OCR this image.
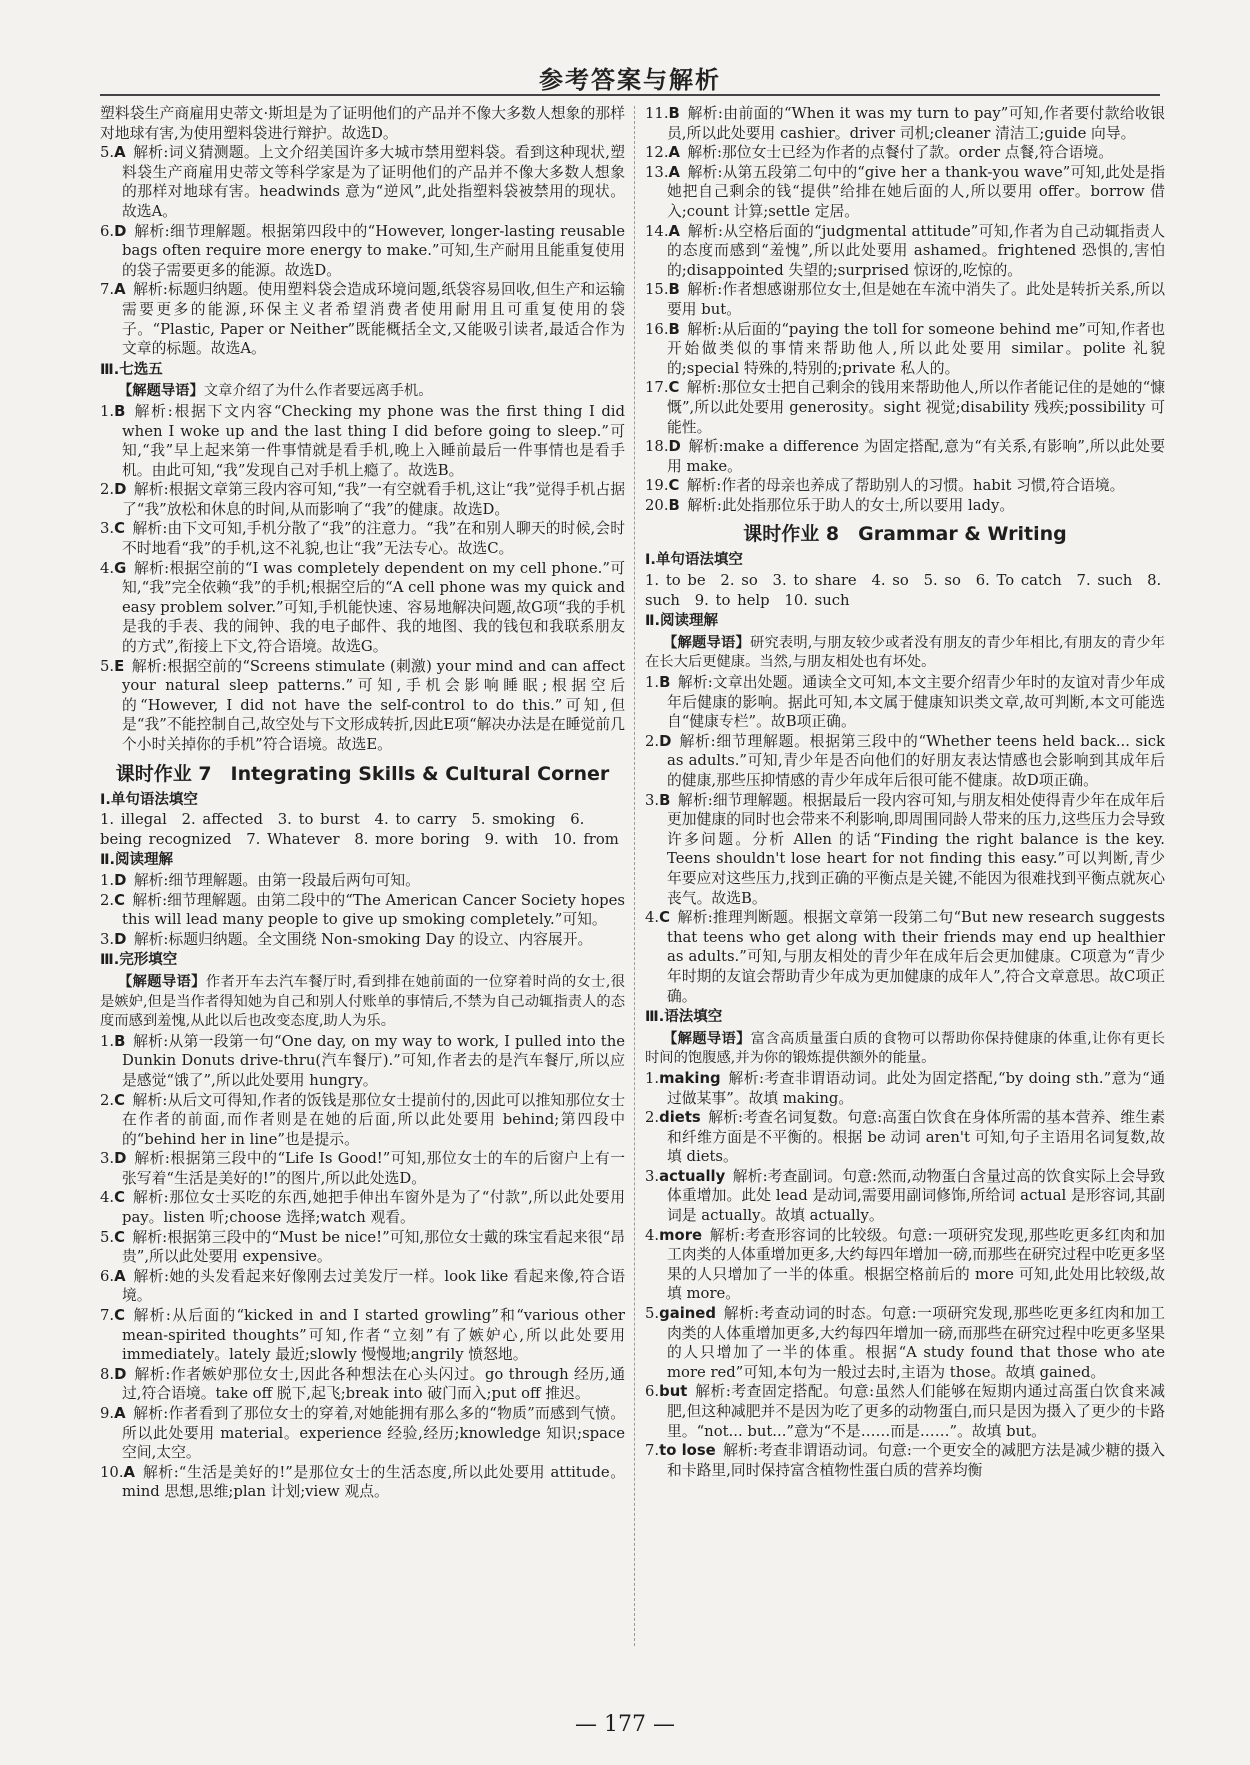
参考答案与解析

塑料袋生产商雇用史蒂文·斯坦是为了证明他们的产品并不像大多数人想象的那样对地球有害,为使用塑料袋进行辩护。故选D。

5.A  解析:词义猜测题。上文介绍美国许多大城市禁用塑料袋。看到这种现状,塑料袋生产商雇用史蒂文等科学家是为了证明他们的产品并不像大多数人想象的那样对地球有害。headwinds 意为“逆风”,此处指塑料袋被禁用的现状。故选A。

6.D  解析:细节理解题。根据第四段中的“However, longer-lasting reusable bags often require more energy to make.”可知,生产耐用且能重复使用的袋子需要更多的能源。故选D。

7.A  解析:标题归纳题。使用塑料袋会造成环境问题,纸袋容易回收,但生产和运输需要更多的能源,环保主义者希望消费者使用耐用且可重复使用的袋子。“Plastic, Paper or Neither”既能概括全文,又能吸引读者,最适合作为文章的标题。故选A。

Ⅲ.七选五

【解题导语】文章介绍了为什么作者要远离手机。

1.B  解析:根据下文内容“Checking my phone was the first thing I did when I woke up and the last thing I did before going to sleep.”可知,“我”早上起来第一件事情就是看手机,晚上入睡前最后一件事情也是看手机。由此可知,“我”发现自己对手机上瘾了。故选B。

2.D  解析:根据文章第三段内容可知,“我”一有空就看手机,这让“我”觉得手机占据了“我”放松和休息的时间,从而影响了“我”的健康。故选D。

3.C  解析:由下文可知,手机分散了“我”的注意力。“我”在和别人聊天的时候,会时不时地看“我”的手机,这不礼貌,也让“我”无法专心。故选C。

4.G  解析:根据空前的“I was completely dependent on my cell phone.”可知,“我”完全依赖“我”的手机;根据空后的“A cell phone was my quick and easy problem solver.”可知,手机能快速、容易地解决问题,故G项“我的手机是我的手表、我的闹钟、我的电子邮件、我的地图、我的钱包和我联系朋友的方式”,衔接上下文,符合语境。故选G。

5.E  解析:根据空前的“Screens stimulate (刺激) your mind and can affect your natural sleep patterns.”可知,手机会影响睡眠;根据空后的“However, I did not have the self-control to do this.”可知,但是“我”不能控制自己,故空处与下文形成转折,因此E项“解决办法是在睡觉前几个小时关掉你的手机”符合语境。故选E。

课时作业 7　Integrating Skills & Cultural Corner

Ⅰ.单句语法填空

1. illegal　2. affected　3. to burst　4. to carry　5. smoking　6. being recognized　7. Whatever　8. more boring　9. with　10. from

Ⅱ.阅读理解

1.D  解析:细节理解题。由第一段最后两句可知。

2.C  解析:细节理解题。由第二段中的“The American Cancer Society hopes this will lead many people to give up smoking completely.”可知。

3.D  解析:标题归纳题。全文围绕 Non-smoking Day 的设立、内容展开。

Ⅲ.完形填空

【解题导语】作者开车去汽车餐厅时,看到排在她前面的一位穿着时尚的女士,很是嫉妒,但是当作者得知她为自己和别人付账单的事情后,不禁为自己动辄指责人的态度而感到羞愧,从此以后也改变态度,助人为乐。

1.B  解析:从第一段第一句“One day, on my way to work, I pulled into the Dunkin Donuts drive-thru(汽车餐厅).”可知,作者去的是汽车餐厅,所以应是感觉“饿了”,所以此处要用 hungry。

2.C  解析:从后文可得知,作者的饭钱是那位女士提前付的,因此可以推知那位女士在作者的前面,而作者则是在她的后面,所以此处要用 behind;第四段中的“behind her in line”也是提示。

3.D  解析:根据第三段中的“Life Is Good!”可知,那位女士的车的后窗户上有一张写着“生活是美好的!”的图片,所以此处选D。

4.C  解析:那位女士买吃的东西,她把手伸出车窗外是为了“付款”,所以此处要用 pay。listen 听;choose 选择;watch 观看。

5.C  解析:根据第三段中的“Must be nice!”可知,那位女士戴的珠宝看起来很“昂贵”,所以此处要用 expensive。

6.A  解析:她的头发看起来好像刚去过美发厅一样。look like 看起来像,符合语境。

7.C  解析:从后面的“kicked in and I started growling”和“various other mean-spirited thoughts”可知,作者“立刻”有了嫉妒心,所以此处要用 immediately。lately 最近;slowly 慢慢地;angrily 愤怒地。

8.D  解析:作者嫉妒那位女士,因此各种想法在心头闪过。go through 经历,通过,符合语境。take off 脱下,起飞;break into 破门而入;put off 推迟。

9.A  解析:作者看到了那位女士的穿着,对她能拥有那么多的“物质”而感到气愤。所以此处要用 material。experience 经验,经历;knowledge 知识;space 空间,太空。

10.A  解析:“生活是美好的!”是那位女士的生活态度,所以此处要用 attitude。mind 思想,思维;plan 计划;view 观点。

11.B  解析:由前面的“When it was my turn to pay”可知,作者要付款给收银员,所以此处要用 cashier。driver 司机;cleaner 清洁工;guide 向导。

12.A  解析:那位女士已经为作者的点餐付了款。order 点餐,符合语境。

13.A  解析:从第五段第二句中的“give her a thank-you wave”可知,此处是指她把自己剩余的钱“提供”给排在她后面的人,所以要用 offer。borrow 借入;count 计算;settle 定居。

14.A  解析:从空格后面的“judgmental attitude”可知,作者为自己动辄指责人的态度而感到“羞愧”,所以此处要用 ashamed。frightened 恐惧的,害怕的;disappointed 失望的;surprised 惊讶的,吃惊的。

15.B  解析:作者想感谢那位女士,但是她在车流中消失了。此处是转折关系,所以要用 but。

16.B  解析:从后面的“paying the toll for someone behind me”可知,作者也开始做类似的事情来帮助他人,所以此处要用 similar。polite 礼貌的;special 特殊的,特别的;private 私人的。

17.C  解析:那位女士把自己剩余的钱用来帮助他人,所以作者能记住的是她的“慷慨”,所以此处要用 generosity。sight 视觉;disability 残疾;possibility 可能性。

18.D  解析:make a difference 为固定搭配,意为“有关系,有影响”,所以此处要用 make。

19.C  解析:作者的母亲也养成了帮助别人的习惯。habit 习惯,符合语境。

20.B  解析:此处指那位乐于助人的女士,所以要用 lady。

课时作业 8　Grammar & Writing

Ⅰ.单句语法填空

1. to be　2. so　3. to share　4. so　5. so　6. To catch　7. such　8. such　9. to help　10. such

Ⅱ.阅读理解

【解题导语】研究表明,与朋友较少或者没有朋友的青少年相比,有朋友的青少年在长大后更健康。当然,与朋友相处也有坏处。

1.B  解析:文章出处题。通读全文可知,本文主要介绍青少年时的友谊对青少年成年后健康的影响。据此可知,本文属于健康知识类文章,故可判断,本文可能选自“健康专栏”。故B项正确。

2.D  解析:细节理解题。根据第三段中的“Whether teens held back... sick as adults.”可知,青少年是否向他们的好朋友表达情感也会影响到其成年后的健康,那些压抑情感的青少年成年后很可能不健康。故D项正确。

3.B  解析:细节理解题。根据最后一段内容可知,与朋友相处使得青少年在成年后更加健康的同时也会带来不利影响,即周围同龄人带来的压力,这些压力会导致许多问题。分析 Allen 的话“Finding the right balance is the key. Teens shouldn't lose heart for not finding this easy.”可以判断,青少年要应对这些压力,找到正确的平衡点是关键,不能因为很难找到平衡点就灰心丧气。故选B。

4.C  解析:推理判断题。根据文章第一段第二句“But new research suggests that teens who get along with their friends may end up healthier as adults.”可知,与朋友相处的青少年在成年后会更加健康。C项意为“青少年时期的友谊会帮助青少年成为更加健康的成年人”,符合文章意思。故C项正确。

Ⅲ.语法填空

【解题导语】富含高质量蛋白质的食物可以帮助你保持健康的体重,让你有更长时间的饱腹感,并为你的锻炼提供额外的能量。

1.making  解析:考查非谓语动词。此处为固定搭配,“by doing sth.”意为“通过做某事”。故填 making。

2.diets  解析:考查名词复数。句意:高蛋白饮食在身体所需的基本营养、维生素和纤维方面是不平衡的。根据 be 动词 aren't 可知,句子主语用名词复数,故填 diets。

3.actually  解析:考查副词。句意:然而,动物蛋白含量过高的饮食实际上会导致体重增加。此处 lead 是动词,需要用副词修饰,所给词 actual 是形容词,其副词是 actually。故填 actually。

4.more  解析:考查形容词的比较级。句意:一项研究发现,那些吃更多红肉和加工肉类的人体重增加更多,大约每四年增加一磅,而那些在研究过程中吃更多坚果的人只增加了一半的体重。根据空格前后的 more 可知,此处用比较级,故填 more。

5.gained  解析:考查动词的时态。句意:一项研究发现,那些吃更多红肉和加工肉类的人体重增加更多,大约每四年增加一磅,而那些在研究过程中吃更多坚果的人只增加了一半的体重。根据“A study found that those who ate more red”可知,本句为一般过去时,主语为 those。故填 gained。

6.but  解析:考查固定搭配。句意:虽然人们能够在短期内通过高蛋白饮食来减肥,但这种减肥并不是因为吃了更多的动物蛋白,而只是因为摄入了更少的卡路里。“not... but...”意为“不是……而是……”。故填 but。

7.to lose  解析:考查非谓语动词。句意:一个更安全的减肥方法是减少糖的摄入和卡路里,同时保持富含植物性蛋白质的营养均衡

— 177 —
